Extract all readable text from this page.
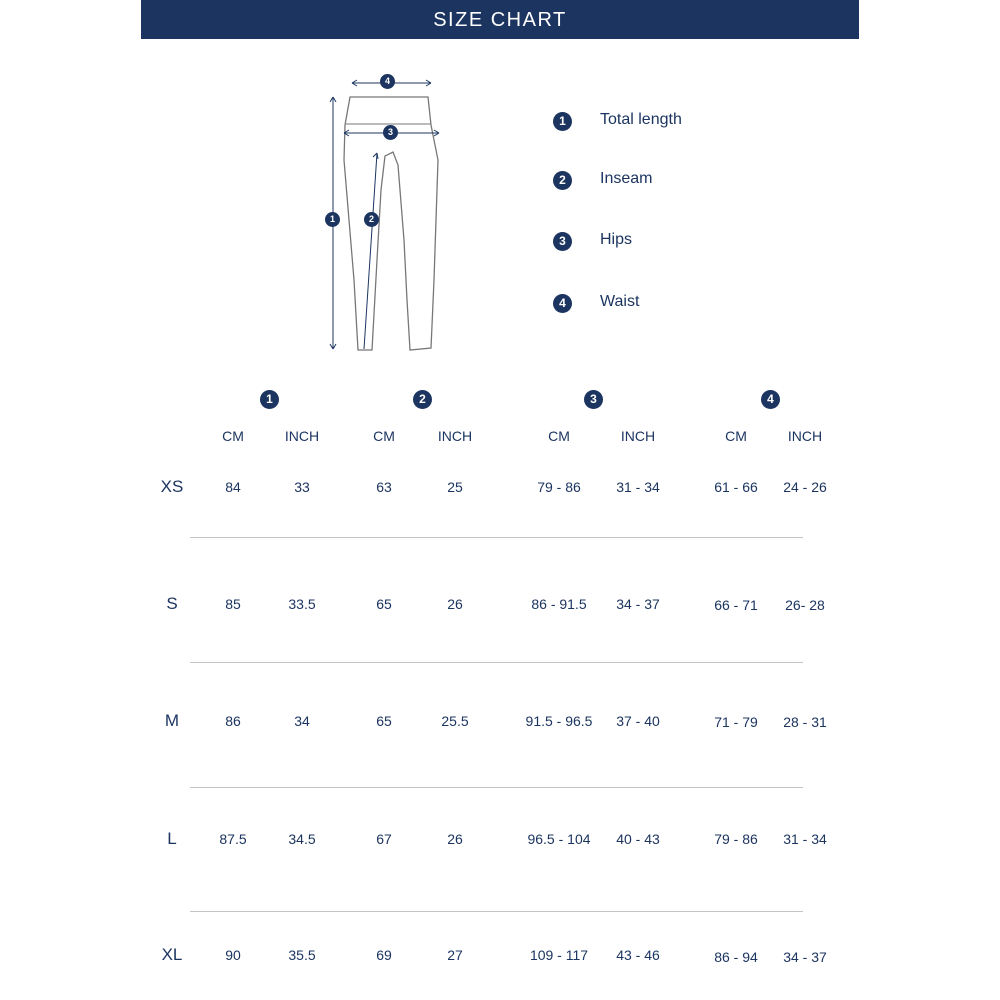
SIZE CHART
4
3
1	2
1	Total length
2	Inseam
3	Hips
4	Waist
1	2	3	4
CM	INCH	CM	INCH	CM	INCH	CM	INCH
XS	84	33	63	25	79 - 86	31 - 34	61 - 66	24 - 26
S	85	33.5	65	26	86 - 91.5	34 - 37	66 - 71	26- 28
M	86	34	65	25.5	91.5 - 96.5	37 - 40	71 - 79	28 - 31
L	87.5	34.5	67	26	96.5 - 104	40 - 43	79 - 86	31 - 34
XL	90	35.5	69	27	109 - 117	43 - 46	86 - 94	34 - 37
